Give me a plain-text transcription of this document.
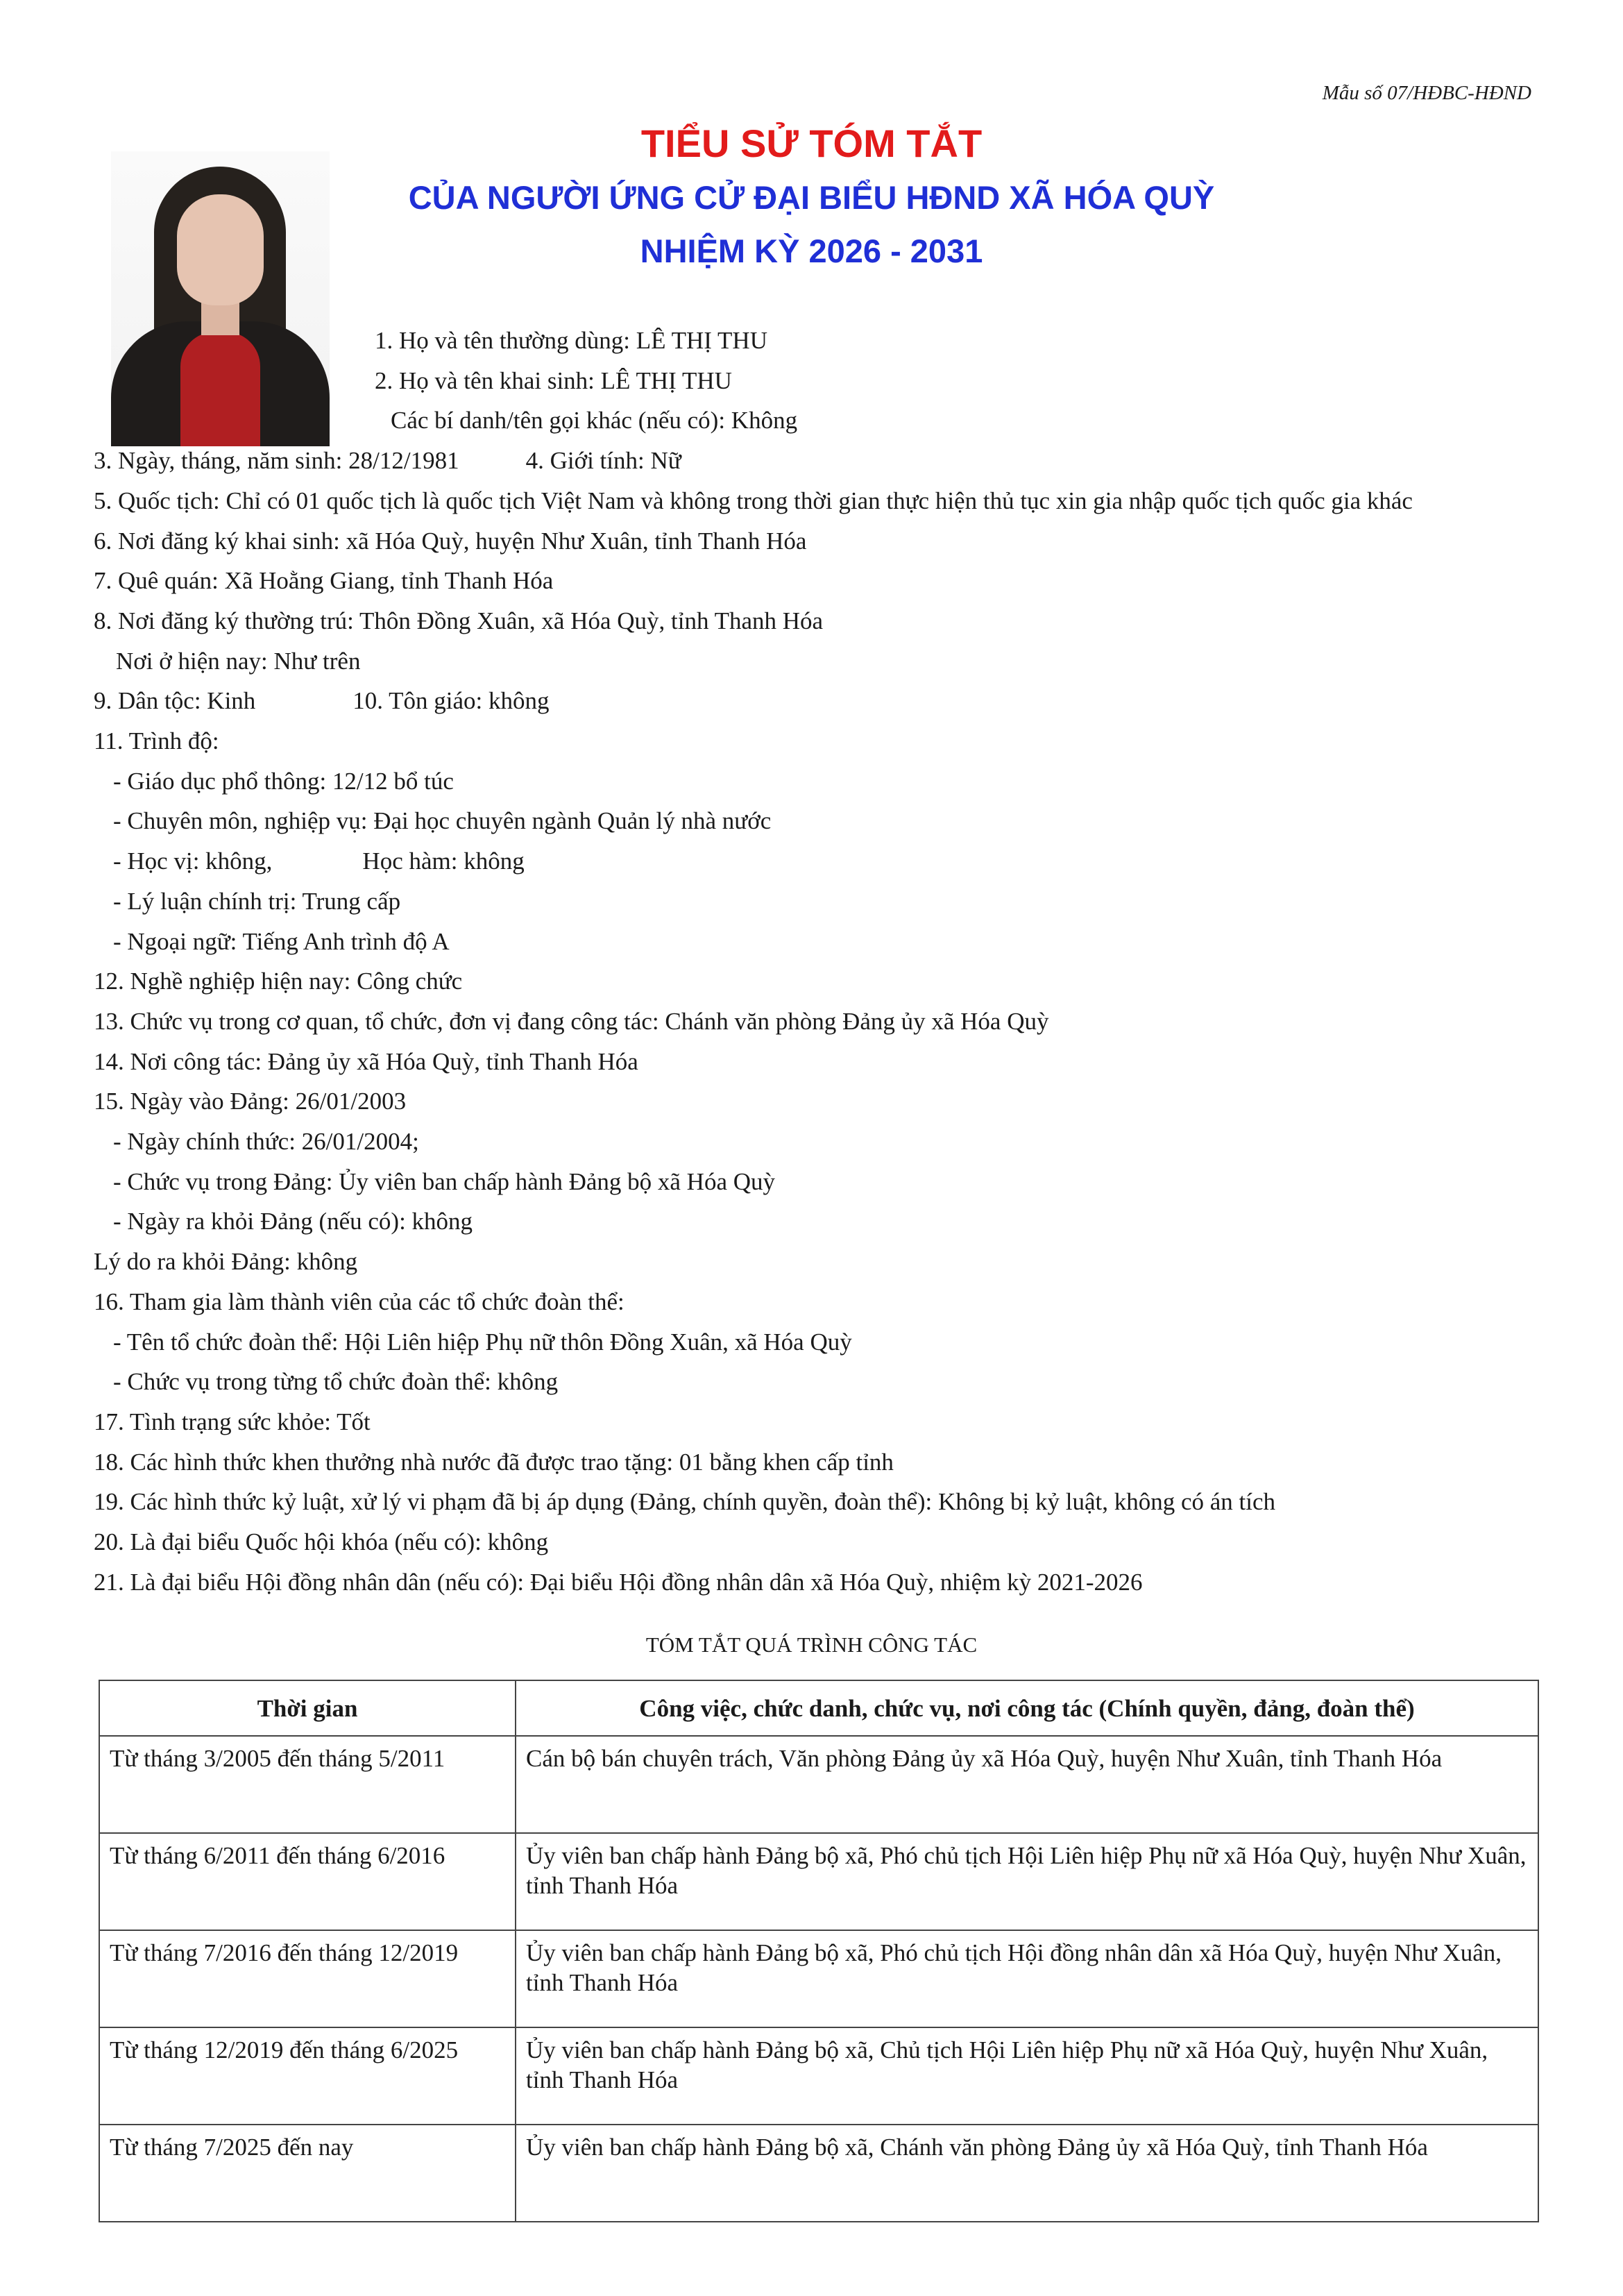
Mẫu số 07/HĐBC-HĐND
TIỂU SỬ TÓM TẮT
CỦA NGƯỜI ỨNG CỬ ĐẠI BIỂU HĐND XÃ HÓA QUỲ
NHIỆM KỲ 2026 - 2031
1. Họ và tên thường dùng: LÊ THỊ THU
2. Họ và tên khai sinh: LÊ THỊ THU
Các bí danh/tên gọi khác (nếu có): Không
3. Ngày, tháng, năm sinh: 28/12/1981	4. Giới tính: Nữ
5. Quốc tịch: Chỉ có 01 quốc tịch là quốc tịch Việt Nam và không trong thời gian thực hiện thủ tục xin gia nhập quốc tịch quốc gia khác
6. Nơi đăng ký khai sinh: xã Hóa Quỳ, huyện Như Xuân, tỉnh Thanh Hóa
7. Quê quán: Xã Hoằng Giang, tỉnh Thanh Hóa
8. Nơi đăng ký thường trú: Thôn Đồng Xuân, xã Hóa Quỳ, tỉnh Thanh Hóa
Nơi ở hiện nay: Như trên
9. Dân tộc: Kinh	10. Tôn giáo: không
11. Trình độ:
- Giáo dục phổ thông: 12/12 bổ túc
- Chuyên môn, nghiệp vụ: Đại học chuyên ngành Quản lý nhà nước
- Học vị: không,	Học hàm: không
- Lý luận chính trị: Trung cấp
- Ngoại ngữ: Tiếng Anh trình độ A
12. Nghề nghiệp hiện nay: Công chức
13. Chức vụ trong cơ quan, tổ chức, đơn vị đang công tác: Chánh văn phòng Đảng ủy xã Hóa Quỳ
14. Nơi công tác: Đảng ủy xã Hóa Quỳ, tỉnh Thanh Hóa
15. Ngày vào Đảng: 26/01/2003
- Ngày chính thức: 26/01/2004;
- Chức vụ trong Đảng: Ủy viên ban chấp hành Đảng bộ xã Hóa Quỳ
- Ngày ra khỏi Đảng (nếu có): không
Lý do ra khỏi Đảng: không
16. Tham gia làm thành viên của các tổ chức đoàn thể:
- Tên tổ chức đoàn thể: Hội Liên hiệp Phụ nữ thôn Đồng Xuân, xã Hóa Quỳ
- Chức vụ trong từng tổ chức đoàn thể: không
17. Tình trạng sức khỏe: Tốt
18. Các hình thức khen thưởng nhà nước đã được trao tặng: 01 bằng khen cấp tỉnh
19. Các hình thức kỷ luật, xử lý vi phạm đã bị áp dụng (Đảng, chính quyền, đoàn thể): Không bị kỷ luật, không có án tích
20. Là đại biểu Quốc hội khóa (nếu có): không
21. Là đại biểu Hội đồng nhân dân (nếu có): Đại biểu Hội đồng nhân dân xã Hóa Quỳ, nhiệm kỳ 2021-2026
TÓM TẮT QUÁ TRÌNH CÔNG TÁC
Thời gian	Công việc, chức danh, chức vụ, nơi công tác (Chính quyền, đảng, đoàn thể)
Từ tháng 3/2005 đến tháng 5/2011	Cán bộ bán chuyên trách, Văn phòng Đảng ủy xã Hóa Quỳ, huyện Như Xuân, tỉnh Thanh Hóa
Từ tháng 6/2011 đến tháng 6/2016	Ủy viên ban chấp hành Đảng bộ xã, Phó chủ tịch Hội Liên hiệp Phụ nữ xã Hóa Quỳ, huyện Như Xuân, tỉnh Thanh Hóa
Từ tháng 7/2016 đến tháng 12/2019	Ủy viên ban chấp hành Đảng bộ xã, Phó chủ tịch Hội đồng nhân dân xã Hóa Quỳ, huyện Như Xuân, tỉnh Thanh Hóa
Từ tháng 12/2019 đến tháng 6/2025	Ủy viên ban chấp hành Đảng bộ xã, Chủ tịch Hội Liên hiệp Phụ nữ xã Hóa Quỳ, huyện Như Xuân, tỉnh Thanh Hóa
Từ tháng 7/2025 đến nay	Ủy viên ban chấp hành Đảng bộ xã, Chánh văn phòng Đảng ủy xã Hóa Quỳ, tỉnh Thanh Hóa
